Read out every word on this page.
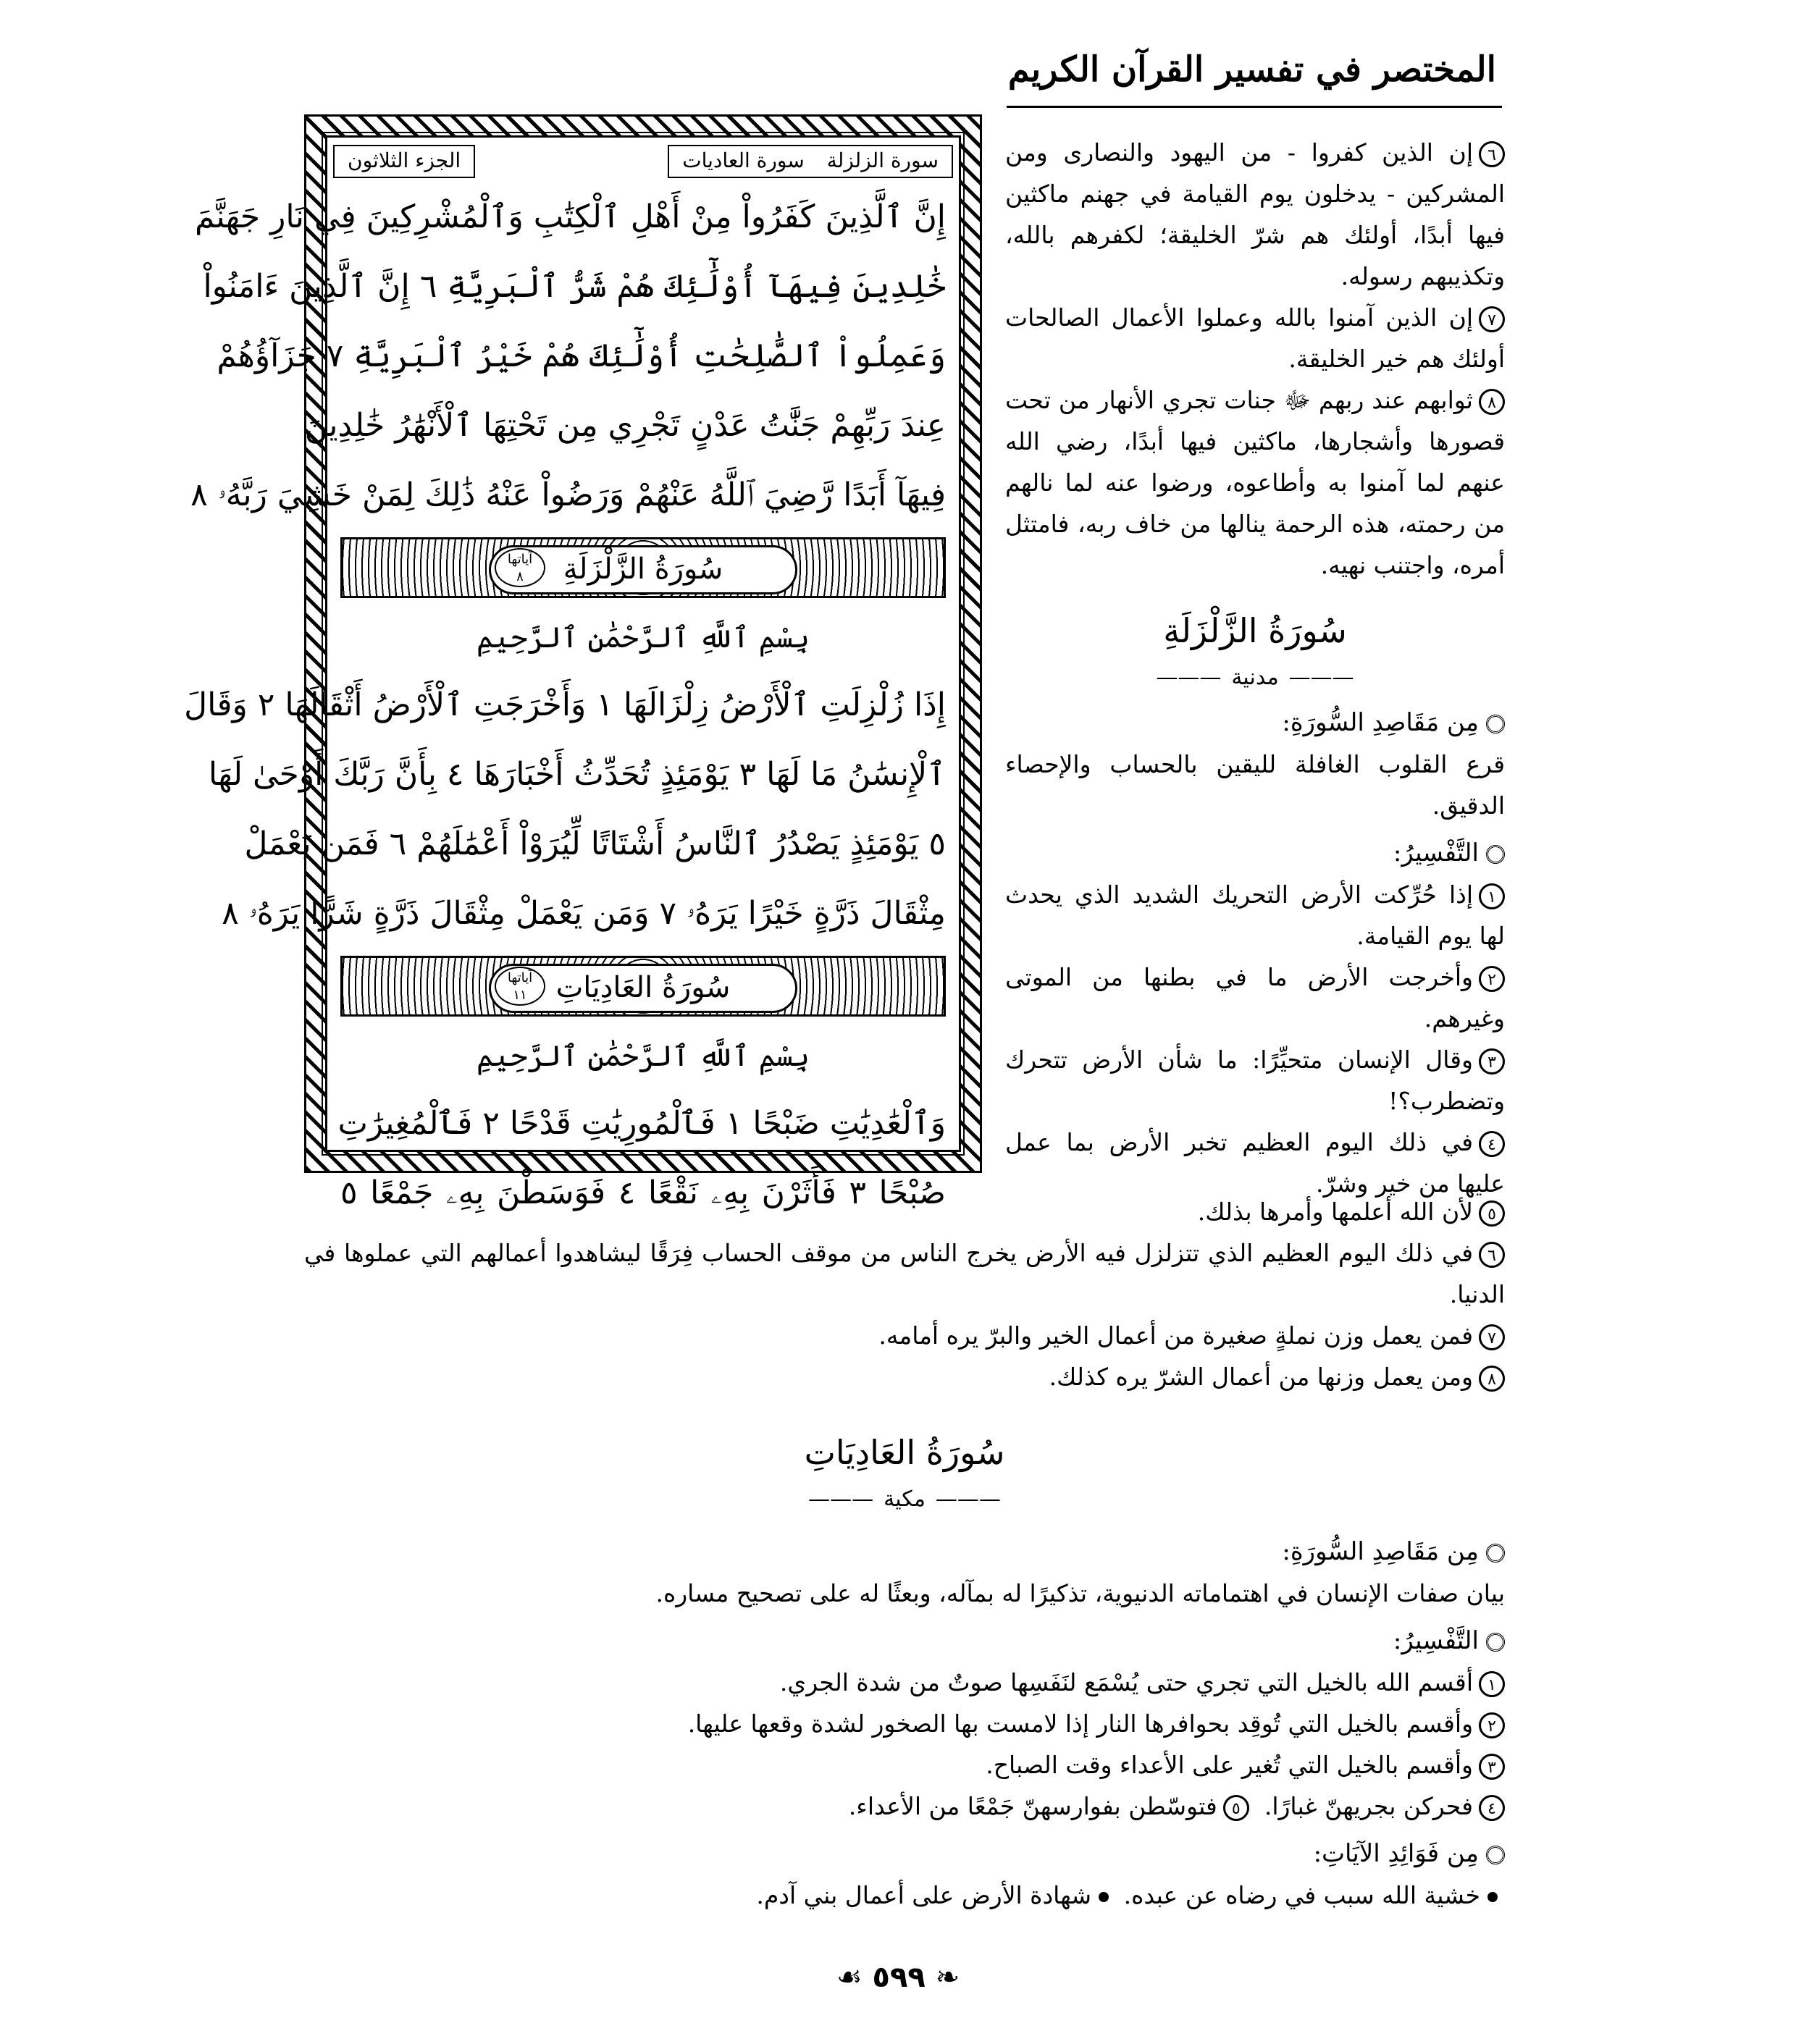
المختصر في تفسير القرآن الكريم
سورة الزلزلة سورة العاديات
الجزء الثلاثون
إِنَّ ٱلَّذِينَ كَفَرُواْ مِنْ أَهْلِ ٱلْكِتَٰبِ وَٱلْمُشْرِكِينَ فِي نَارِ جَهَنَّمَ
خَٰلِدِينَ فِيهَآ أُوْلَٰٓئِكَ هُمْ شَرُّ ٱلْبَرِيَّةِ ٦ إِنَّ ٱلَّذِينَ ءَامَنُواْ
وَعَمِلُواْ ٱلصَّٰلِحَٰتِ أُوْلَٰٓئِكَ هُمْ خَيْرُ ٱلْبَرِيَّةِ ٧ جَزَآؤُهُمْ
عِندَ رَبِّهِمْ جَنَّٰتُ عَدْنٍ تَجْرِي مِن تَحْتِهَا ٱلْأَنْهَٰرُ خَٰلِدِينَ
فِيهَآ أَبَدًا رَّضِيَ ٱللَّهُ عَنْهُمْ وَرَضُواْ عَنْهُ ذَٰلِكَ لِمَنْ خَشِيَ رَبَّهُۥ ٨
سُورَةُ الزَّلْزَلَةِ
آياتها
٨
بِسْمِ ٱللَّهِ ٱلرَّحْمَٰنِ ٱلرَّحِيمِ
إِذَا زُلْزِلَتِ ٱلْأَرْضُ زِلْزَالَهَا ١ وَأَخْرَجَتِ ٱلْأَرْضُ أَثْقَالَهَا ٢ وَقَالَ
ٱلْإِنسَٰنُ مَا لَهَا ٣ يَوْمَئِذٍ تُحَدِّثُ أَخْبَارَهَا ٤ بِأَنَّ رَبَّكَ أَوْحَىٰ لَهَا
٥ يَوْمَئِذٍ يَصْدُرُ ٱلنَّاسُ أَشْتَاتًا لِّيُرَوْاْ أَعْمَٰلَهُمْ ٦ فَمَن يَعْمَلْ
مِثْقَالَ ذَرَّةٍ خَيْرًا يَرَهُۥ ٧ وَمَن يَعْمَلْ مِثْقَالَ ذَرَّةٍ شَرًّا يَرَهُۥ ٨
سُورَةُ العَادِيَاتِ
آياتها
١١
بِسْمِ ٱللَّهِ ٱلرَّحْمَٰنِ ٱلرَّحِيمِ
وَٱلْعَٰدِيَٰتِ ضَبْحًا ١ فَٱلْمُورِيَٰتِ قَدْحًا ٢ فَٱلْمُغِيرَٰتِ
صُبْحًا ٣ فَأَثَرْنَ بِهِۦ نَقْعًا ٤ فَوَسَطْنَ بِهِۦ جَمْعًا ٥

٦إن الذين كفروا - من اليهود والنصارى ومن المشركين - يدخلون يوم القيامة في جهنم ماكثين فيها أبدًا، أولئك هم شرّ الخليقة؛ لكفرهم بالله، وتكذيبهم رسوله.

٧إن الذين آمنوا بالله وعملوا الأعمال الصالحات أولئك هم خير الخليقة.

٨ثوابهم عند ربهم ﷻ جنات تجري الأنهار من تحت قصورها وأشجارها، ماكثين فيها أبدًا، رضي الله عنهم لما آمنوا به وأطاعوه، ورضوا عنه لما نالهم من رحمته، هذه الرحمة ينالها من خاف ربه، فامتثل أمره، واجتنب نهيه.

سُورَةُ الزَّلْزَلَةِ
——— مدنية ———
مِن مَقَاصِدِ السُّورَةِ:

قرع القلوب الغافلة لليقين بالحساب والإحصاء الدقيق.

التَّفْسِيرُ:

١إذا حُرِّكت الأرض التحريك الشديد الذي يحدث لها يوم القيامة.

٢وأخرجت الأرض ما في بطنها من الموتى وغيرهم.

٣وقال الإنسان متحيِّرًا: ما شأن الأرض تتحرك وتضطرب؟!

٤في ذلك اليوم العظيم تخبر الأرض بما عمل عليها من خير وشرّ.

٥لأن الله أعلمها وأمرها بذلك.

٦في ذلك اليوم العظيم الذي تتزلزل فيه الأرض يخرج الناس من موقف الحساب فِرَقًا ليشاهدوا أعمالهم التي عملوها في الدنيا.

٧فمن يعمل وزن نملةٍ صغيرة من أعمال الخير والبرّ يره أمامه.

٨ومن يعمل وزنها من أعمال الشرّ يره كذلك.

سُورَةُ العَادِيَاتِ
——— مكية ———
مِن مَقَاصِدِ السُّورَةِ:

بيان صفات الإنسان في اهتماماته الدنيوية، تذكيرًا له بمآله، وبعثًا له على تصحيح مساره.

التَّفْسِيرُ:

١أقسم الله بالخيل التي تجري حتى يُسْمَع لنَفَسِها صوتٌ من شدة الجري.

٢وأقسم بالخيل التي تُوقِد بحوافرها النار إذا لامست بها الصخور لشدة وقعها عليها.

٣وأقسم بالخيل التي تُغير على الأعداء وقت الصباح.

٤فحركن بجريهنّ غبارًا.  ٥فتوسّطن بفوارسهنّ جَمْعًا من الأعداء.

مِن فَوَائِدِ الآيَاتِ:

خشية الله سبب في رضاه عن عبده. شهادة الأرض على أعمال بني آدم.

❧ ٥٩٩ ☙
